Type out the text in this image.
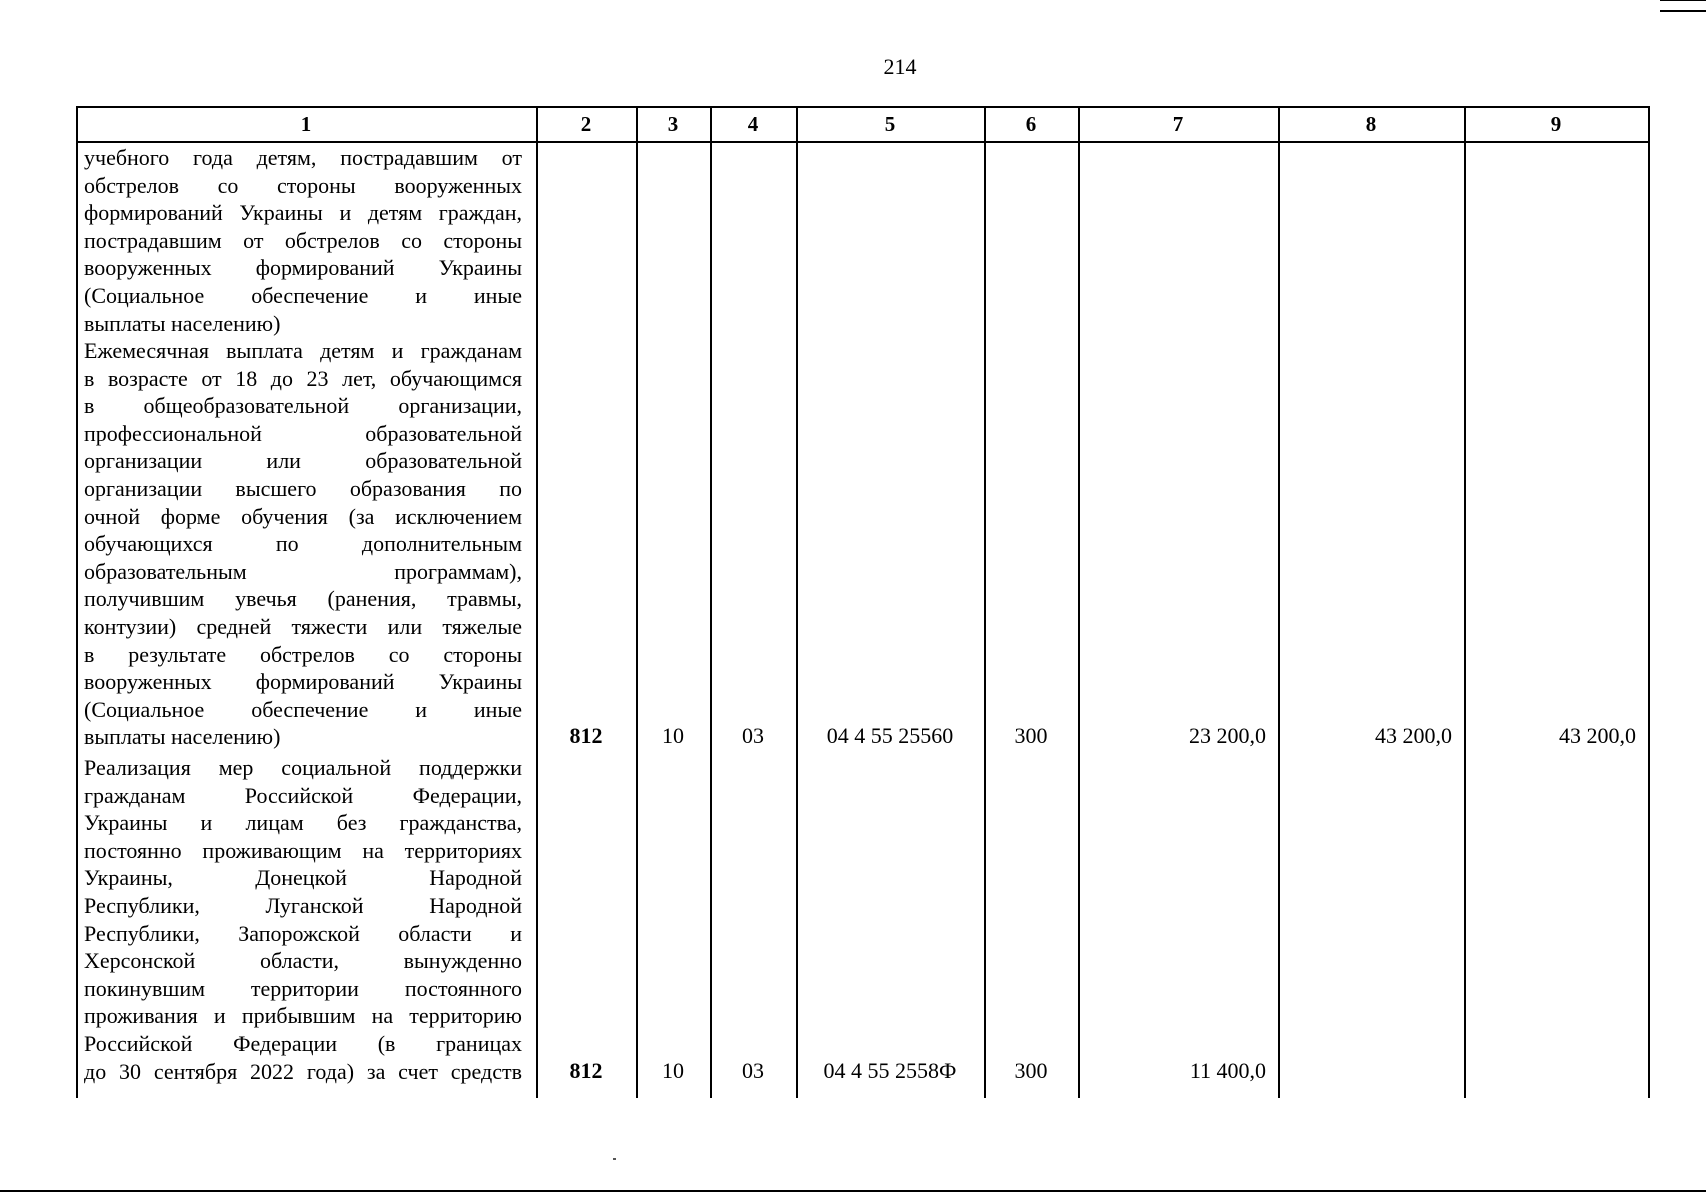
214
1	2	3	4	5	6	7	8	9
учебного года детям, пострадавшим от
обстрелов со стороны вооруженных
формирований Украины и детям граждан,
пострадавшим от обстрелов со стороны
вооруженных формирований Украины
(Социальное обеспечение и иные
выплаты населению)
Ежемесячная выплата детям и гражданам
в возрасте от 18 до 23 лет, обучающимся
в общеобразовательной организации,
профессиональной образовательной
организации или образовательной
организации высшего образования по
очной форме обучения (за исключением
обучающихся по дополнительным
образовательным программам),
получившим увечья (ранения, травмы,
контузии) средней тяжести или тяжелые
в результате обстрелов со стороны
вооруженных формирований Украины
(Социальное обеспечение и иные
выплаты населению)	812	10	03	04 4 55 25560	300	23 200,0	43 200,0	43 200,0
Реализация мер социальной поддержки
гражданам Российской Федерации,
Украины и лицам без гражданства,
постоянно проживающим на территориях
Украины, Донецкой Народной
Республики, Луганской Народной
Республики, Запорожской области и
Херсонской области, вынужденно
покинувшим территории постоянного
проживания и прибывшим на территорию
Российской Федерации (в границах
до 30 сентября 2022 года) за счет средств	812	10	03	04 4 55 2558Ф	300	11 400,0
